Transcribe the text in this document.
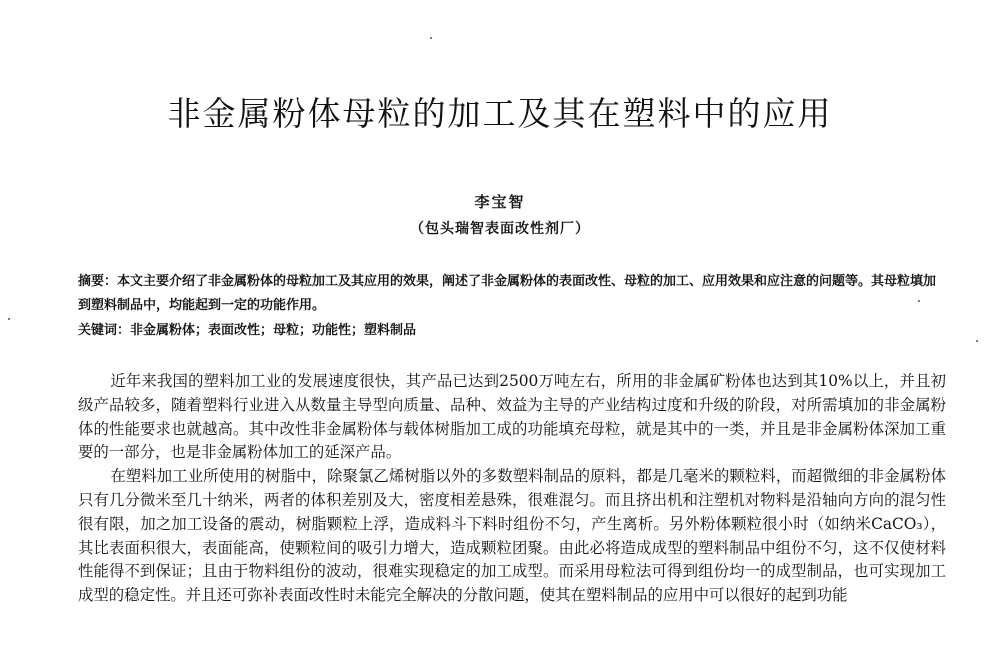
非金属粉体母粒的加工及其在塑料中的应用
李宝智
（包头瑞智表面改性剂厂）
摘要：本文主要介绍了非金属粉体的母粒加工及其应用的效果，阐述了非金属粉体的表面改性、母粒的加工、应用效果和应注意的问题等。其母粒填加到塑料制品中，均能起到一定的功能作用。
关键词：非金属粉体；表面改性；母粒；功能性；塑料制品

近年来我国的塑料加工业的发展速度很快，其产品已达到2500万吨左右，所用的非金属矿粉体也达到其10%以上，并且初级产品较多，随着塑料行业进入从数量主导型向质量、品种、效益为主导的产业结构过度和升级的阶段，对所需填加的非金属粉体的性能要求也就越高。其中改性非金属粉体与载体树脂加工成的功能填充母粒，就是其中的一类，并且是非金属粉体深加工重要的一部分，也是非金属粉体加工的延深产品。

在塑料加工业所使用的树脂中，除聚氯乙烯树脂以外的多数塑料制品的原料，都是几毫米的颗粒料，而超微细的非金属粉体只有几分微米至几十纳米，两者的体积差别及大，密度相差悬殊，很难混匀。而且挤出机和注塑机对物料是沿轴向方向的混匀性很有限，加之加工设备的震动，树脂颗粒上浮，造成料斗下料时组份不匀，产生离析。另外粉体颗粒很小时（如纳米CaCO₃），其比表面积很大，表面能高，使颗粒间的吸引力增大，造成颗粒团聚。由此必将造成成型的塑料制品中组份不匀，这不仅使材料性能得不到保证；且由于物料组份的波动，很难实现稳定的加工成型。而采用母粒法可得到组份均一的成型制品，也可实现加工成型的稳定性。并且还可弥补表面改性时未能完全解决的分散问题，使其在塑料制品的应用中可以很好的起到功能
